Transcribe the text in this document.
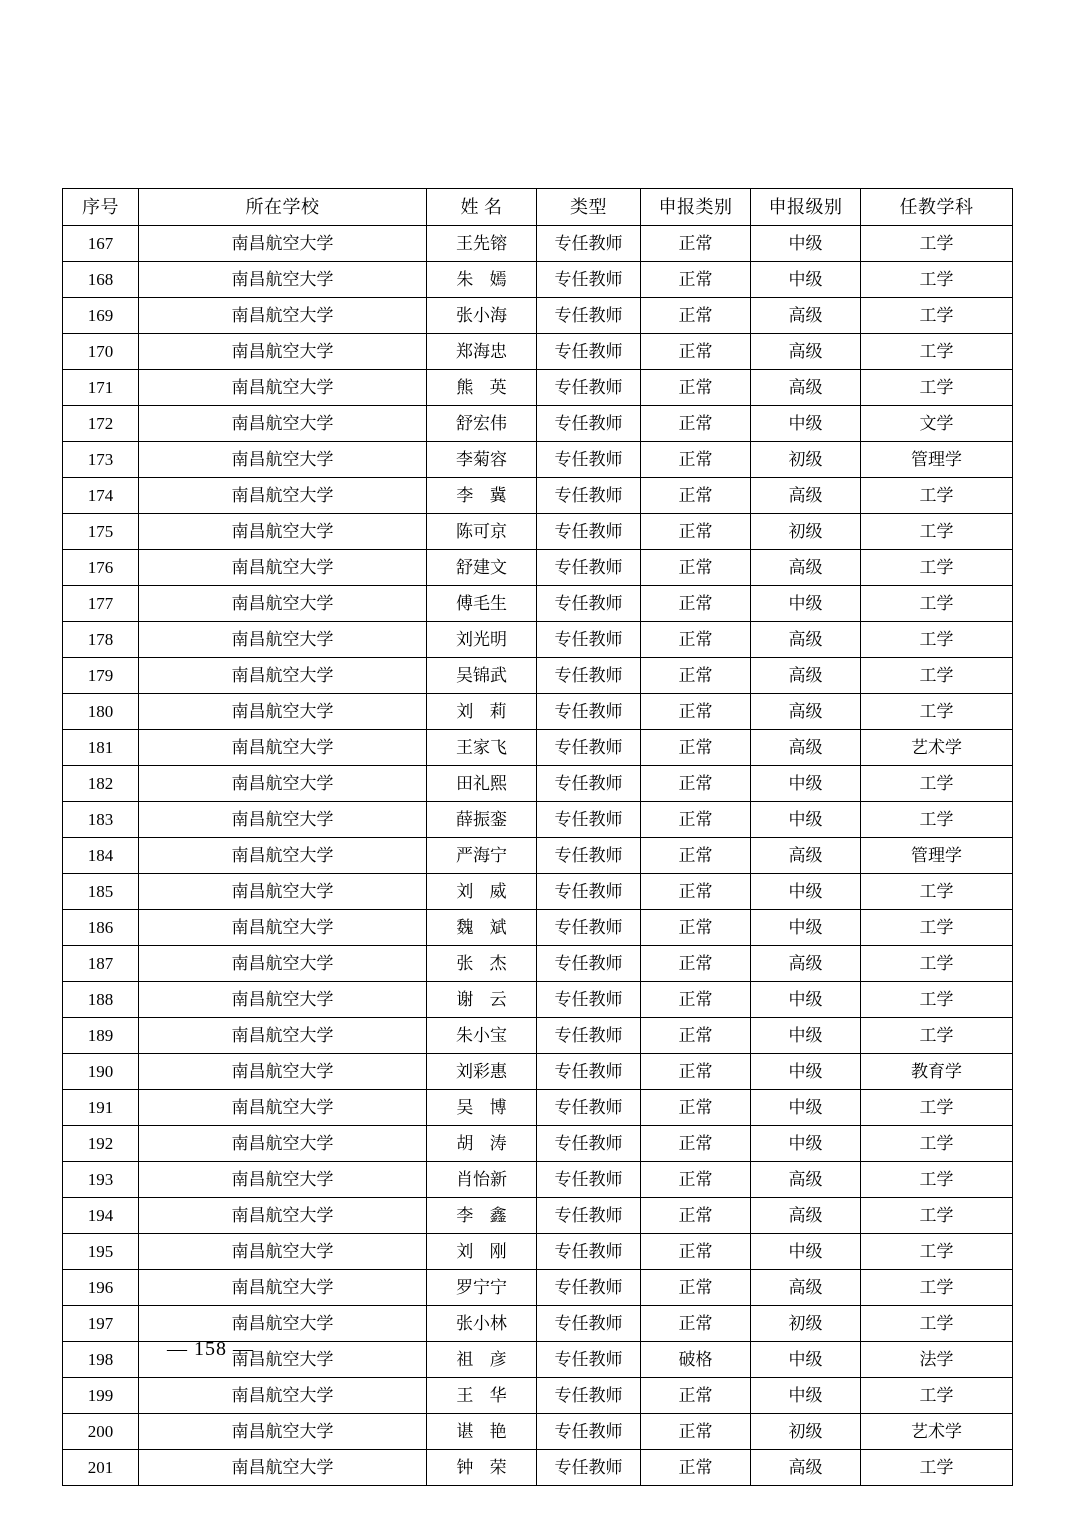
序号	所在学校	姓 名	类型	申报类别	申报级别	任教学科
167	南昌航空大学	王先镕	专任教师	正常	中级	工学
168	南昌航空大学	朱 嫣	专任教师	正常	中级	工学
169	南昌航空大学	张小海	专任教师	正常	高级	工学
170	南昌航空大学	郑海忠	专任教师	正常	高级	工学
171	南昌航空大学	熊 英	专任教师	正常	高级	工学
172	南昌航空大学	舒宏伟	专任教师	正常	中级	文学
173	南昌航空大学	李菊容	专任教师	正常	初级	管理学
174	南昌航空大学	李 冀	专任教师	正常	高级	工学
175	南昌航空大学	陈可京	专任教师	正常	初级	工学
176	南昌航空大学	舒建文	专任教师	正常	高级	工学
177	南昌航空大学	傅毛生	专任教师	正常	中级	工学
178	南昌航空大学	刘光明	专任教师	正常	高级	工学
179	南昌航空大学	吴锦武	专任教师	正常	高级	工学
180	南昌航空大学	刘 莉	专任教师	正常	高级	工学
181	南昌航空大学	王家飞	专任教师	正常	高级	艺术学
182	南昌航空大学	田礼熙	专任教师	正常	中级	工学
183	南昌航空大学	薛振銮	专任教师	正常	中级	工学
184	南昌航空大学	严海宁	专任教师	正常	高级	管理学
185	南昌航空大学	刘 威	专任教师	正常	中级	工学
186	南昌航空大学	魏 斌	专任教师	正常	中级	工学
187	南昌航空大学	张 杰	专任教师	正常	高级	工学
188	南昌航空大学	谢 云	专任教师	正常	中级	工学
189	南昌航空大学	朱小宝	专任教师	正常	中级	工学
190	南昌航空大学	刘彩惠	专任教师	正常	中级	教育学
191	南昌航空大学	吴 博	专任教师	正常	中级	工学
192	南昌航空大学	胡 涛	专任教师	正常	中级	工学
193	南昌航空大学	肖怡新	专任教师	正常	高级	工学
194	南昌航空大学	李 鑫	专任教师	正常	高级	工学
195	南昌航空大学	刘 刚	专任教师	正常	中级	工学
196	南昌航空大学	罗宁宁	专任教师	正常	高级	工学
197	南昌航空大学	张小林	专任教师	正常	初级	工学
198	南昌航空大学	祖 彦	专任教师	破格	中级	法学
199	南昌航空大学	王 华	专任教师	正常	中级	工学
200	南昌航空大学	谌 艳	专任教师	正常	初级	艺术学
201	南昌航空大学	钟 荣	专任教师	正常	高级	工学
— 158 —
